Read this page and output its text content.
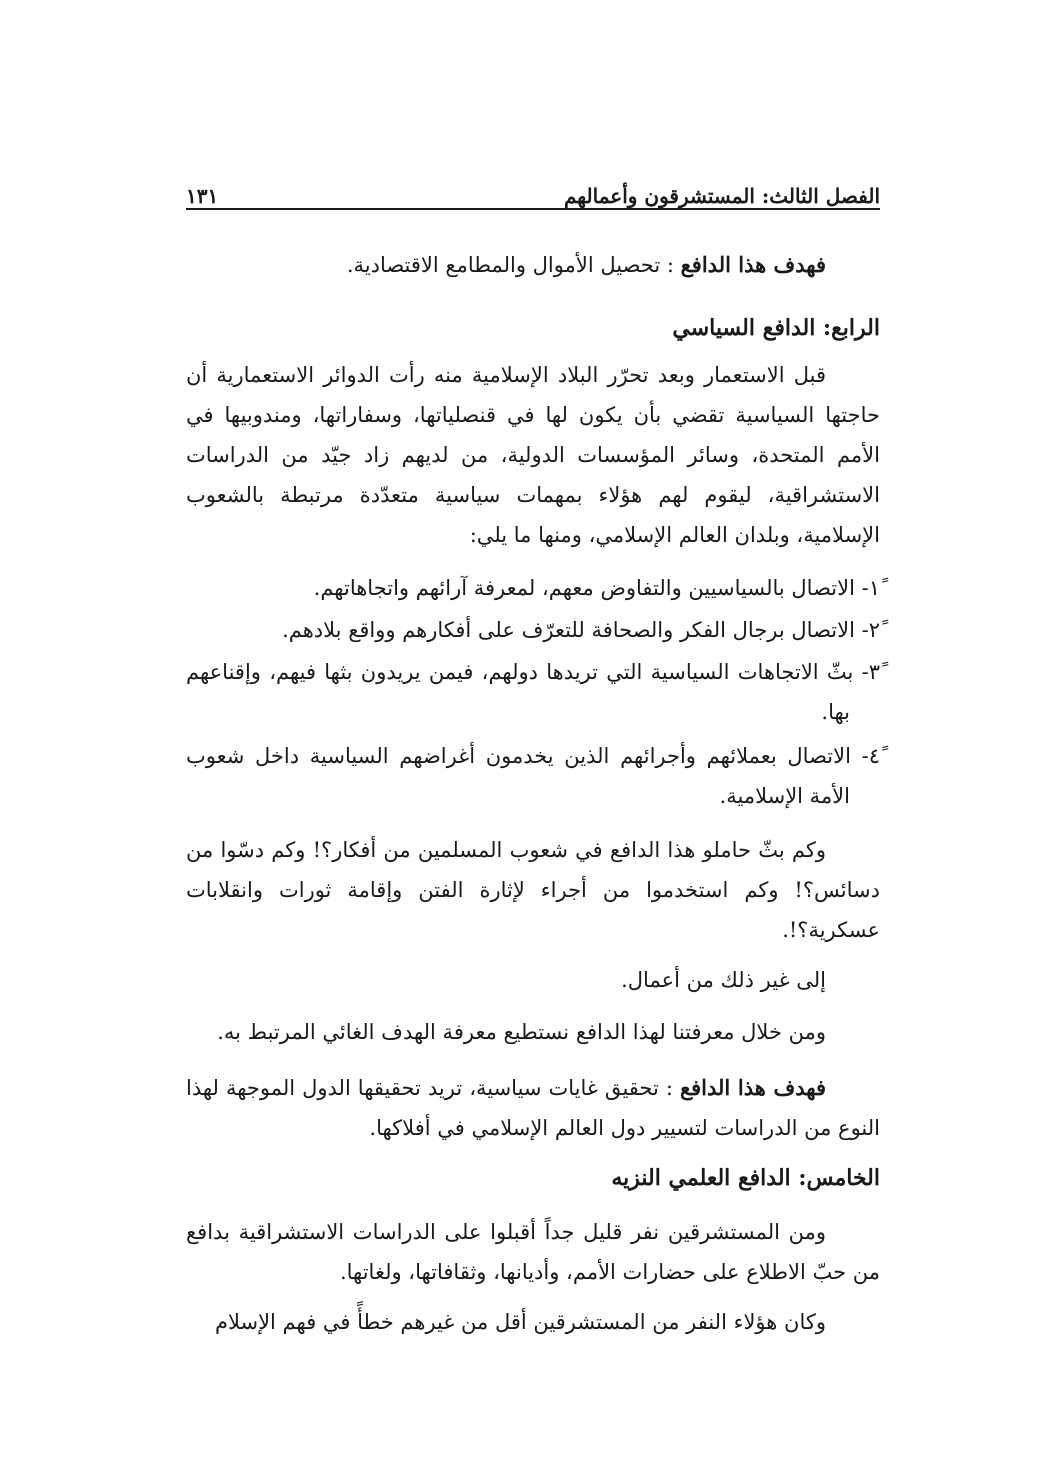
الفصل الثالث: المستشرقون وأعمالهم
١٣١
فهدف هذا الدافع : تحصيل الأموال والمطامع الاقتصادية.
الرابع: الدافع السياسي
قبل الاستعمار وبعد تحرّر البلاد الإسلامية منه رأت الدوائر الاستعمارية أن حاجتها السياسية تقضي بأن يكون لها في قنصلياتها، وسفاراتها، ومندوبيها في الأمم المتحدة، وسائر المؤسسات الدولية، من لديهم زاد جيّد من الدراسات الاستشراقية، ليقوم لهم هؤلاء بمهمات سياسية متعدّدة مرتبطة بالشعوب الإسلامية، وبلدان العالم الإسلامي، ومنها ما يلي:
١ً- الاتصال بالسياسيين والتفاوض معهم، لمعرفة آرائهم واتجاهاتهم.
٢ً- الاتصال برجال الفكر والصحافة للتعرّف على أفكارهم وواقع بلادهم.
٣ً- بثّ الاتجاهات السياسية التي تريدها دولهم، فيمن يريدون بثها فيهم، وإقناعهم بها.
٤ً- الاتصال بعملائهم وأجرائهم الذين يخدمون أغراضهم السياسية داخل شعوب الأمة الإسلامية.
وكم بثّ حاملو هذا الدافع في شعوب المسلمين من أفكار؟! وكم دسّوا من دسائس؟! وكم استخدموا من أجراء لإثارة الفتن وإقامة ثورات وانقلابات عسكرية؟!.
إلى غير ذلك من أعمال.
ومن خلال معرفتنا لهذا الدافع نستطيع معرفة الهدف الغائي المرتبط به.
فهدف هذا الدافع : تحقيق غايات سياسية، تريد تحقيقها الدول الموجهة لهذا النوع من الدراسات لتسيير دول العالم الإسلامي في أفلاكها.
الخامس: الدافع العلمي النزيه
ومن المستشرقين نفر قليل جداً أقبلوا على الدراسات الاستشراقية بدافع من حبّ الاطلاع على حضارات الأمم، وأديانها، وثقافاتها، ولغاتها.
وكان هؤلاء النفر من المستشرقين أقل من غيرهم خطأً في فهم الإسلام
